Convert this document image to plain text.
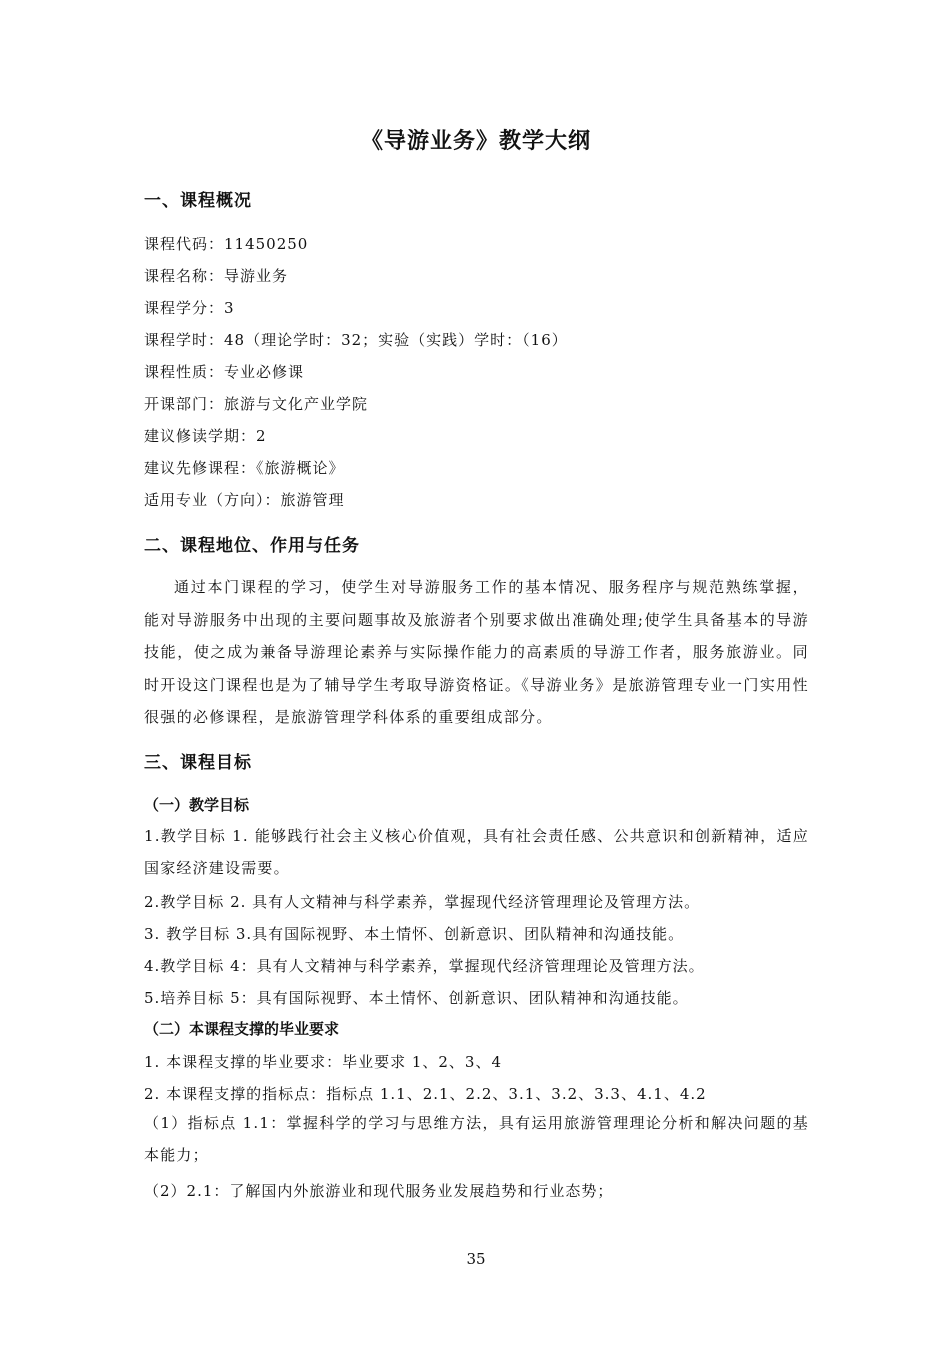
《导游业务》教学大纲
一、课程概况
课程代码：11450250
课程名称：导游业务
课程学分：3
课程学时：48（理论学时：32；实验（实践）学时：（16）
课程性质：专业必修课
开课部门：旅游与文化产业学院
建议修读学期：2
建议先修课程：《旅游概论》
适用专业（方向）：旅游管理
二、课程地位、作用与任务
通过本门课程的学习，使学生对导游服务工作的基本情况、服务程序与规范熟练掌握，能对导游服务中出现的主要问题事故及旅游者个别要求做出准确处理;使学生具备基本的导游技能，使之成为兼备导游理论素养与实际操作能力的高素质的导游工作者，服务旅游业。同时开设这门课程也是为了辅导学生考取导游资格证。《导游业务》是旅游管理专业一门实用性很强的必修课程，是旅游管理学科体系的重要组成部分。
三、课程目标
（一）教学目标
1.教学目标 1. 能够践行社会主义核心价值观，具有社会责任感、公共意识和创新精神，适应国家经济建设需要。
2.教学目标 2. 具有人文精神与科学素养，掌握现代经济管理理论及管理方法。
3. 教学目标 3.具有国际视野、本土情怀、创新意识、团队精神和沟通技能。
4.教学目标 4：具有人文精神与科学素养，掌握现代经济管理理论及管理方法。
5.培养目标 5：具有国际视野、本土情怀、创新意识、团队精神和沟通技能。
（二）本课程支撑的毕业要求
1. 本课程支撑的毕业要求：毕业要求 1、2、3、4
2. 本课程支撑的指标点：指标点 1.1、2.1、2.2、3.1、3.2、3.3、4.1、4.2
（1）指标点 1.1：掌握科学的学习与思维方法，具有运用旅游管理理论分析和解决问题的基本能力；
（2）2.1：了解国内外旅游业和现代服务业发展趋势和行业态势；
35
